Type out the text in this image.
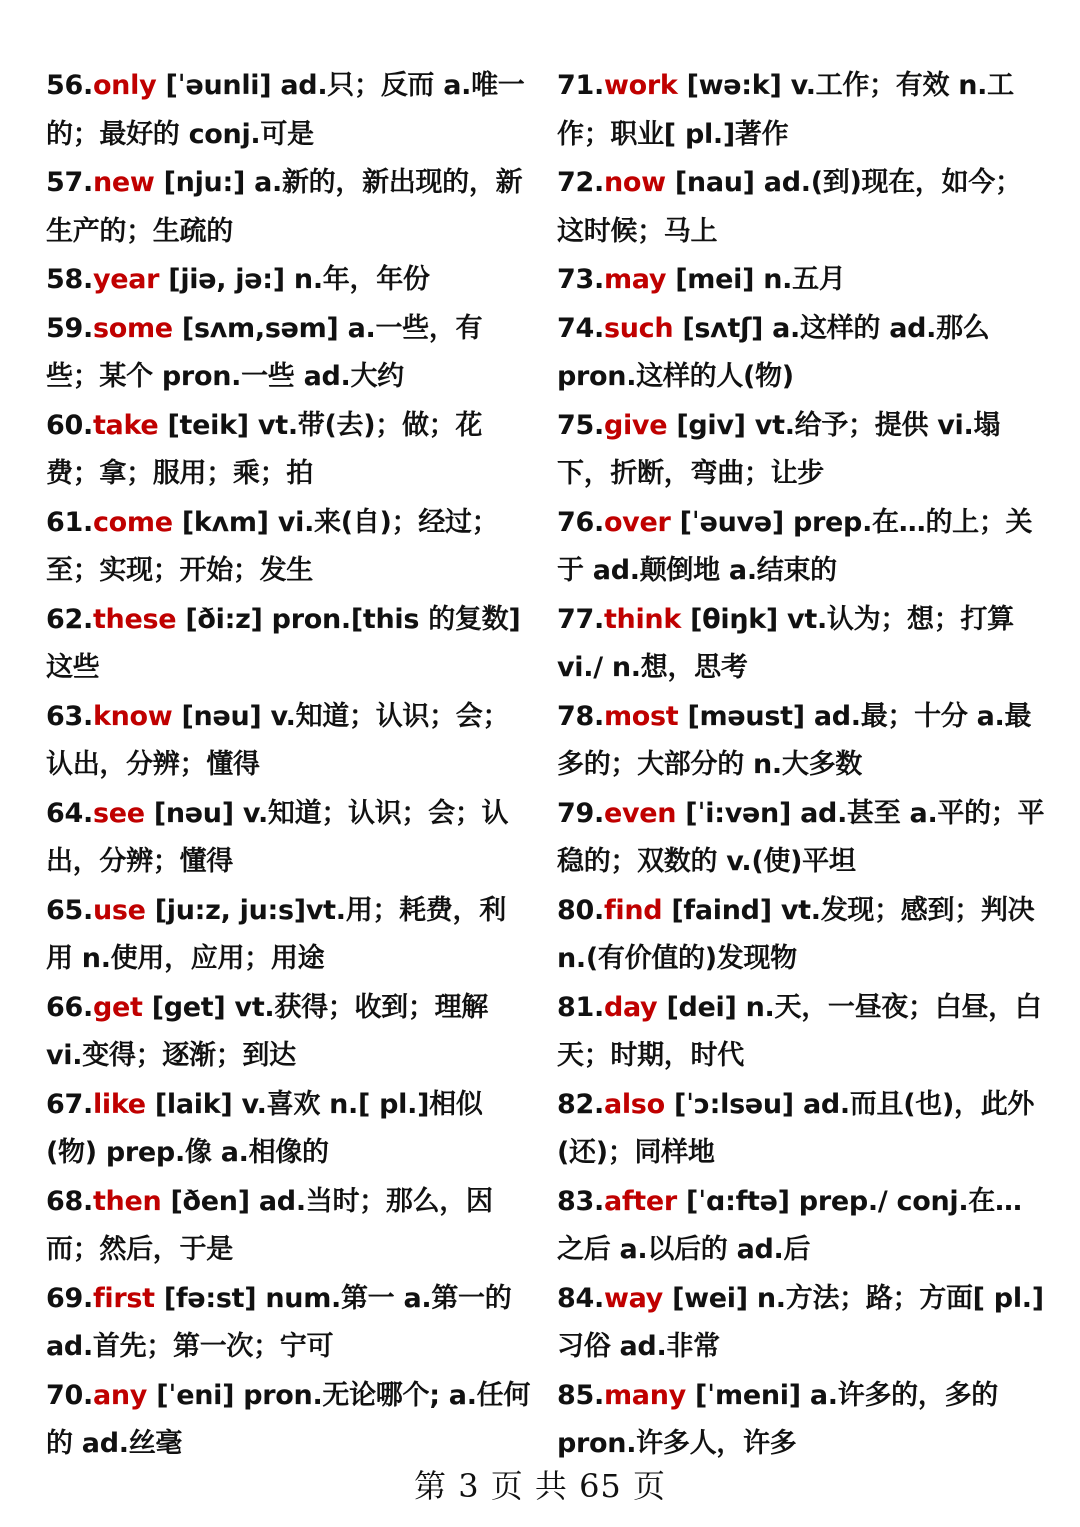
56.only [ˈəunli] ad.只；反而 a.唯一的；最好的 conj.可是
57.new [nju:] a.新的，新出现的，新生产的；生疏的
58.year [jiə, jə:] n.年，年份
59.some [sʌm,səm] a.一些，有些；某个 pron.一些 ad.大约
60.take [teik] vt.带(去)；做；花费；拿；服用；乘；拍
61.come [kʌm] vi.来(自)；经过；至；实现；开始；发生
62.these [ði:z] pron.[this 的复数]这些
63.know [nəu] v.知道；认识；会；认出，分辨；懂得
64.see [nəu] v.知道；认识；会；认出，分辨；懂得
65.use [ju:z, ju:s]vt.用；耗费，利用 n.使用，应用；用途
66.get [get] vt.获得；收到；理解 vi.变得；逐渐；到达
67.like [laik] v.喜欢 n.[ pl.]相似(物) prep.像 a.相像的
68.then [ðen] ad.当时；那么，因而；然后，于是
69.first [fə:st] num.第一 a.第一的 ad.首先；第一次；宁可
70.any [ˈeni] pron.无论哪个; a.任何的 ad.丝毫
71.work [wə:k] v.工作；有效 n.工作；职业[ pl.]著作
72.now [nau] ad.(到)现在，如今；这时候；马上
73.may [mei] n.五月
74.such [sʌtʃ] a.这样的 ad.那么 pron.这样的人(物)
75.give [giv] vt.给予；提供 vi.塌下，折断，弯曲；让步
76.over [ˈəuvə] prep.在…的上；关于 ad.颠倒地 a.结束的
77.think [θiŋk] vt.认为；想；打算 vi./ n.想，思考
78.most [məust] ad.最；十分 a.最多的；大部分的 n.大多数
79.even [ˈi:vən] ad.甚至 a.平的；平稳的；双数的 v.(使)平坦
80.find [faind] vt.发现；感到；判决 n.(有价值的)发现物
81.day [dei] n.天，一昼夜；白昼，白天；时期，时代
82.also [ˈɔ:lsəu] ad.而且(也)，此外(还)；同样地
83.after [ˈɑ:ftə] prep./ conj.在…之后 a.以后的 ad.后
84.way [wei] n.方法；路；方面[ pl.]习俗 ad.非常
85.many [ˈmeni] a.许多的，多的 pron.许多人，许多
第 3 页 共 65 页
